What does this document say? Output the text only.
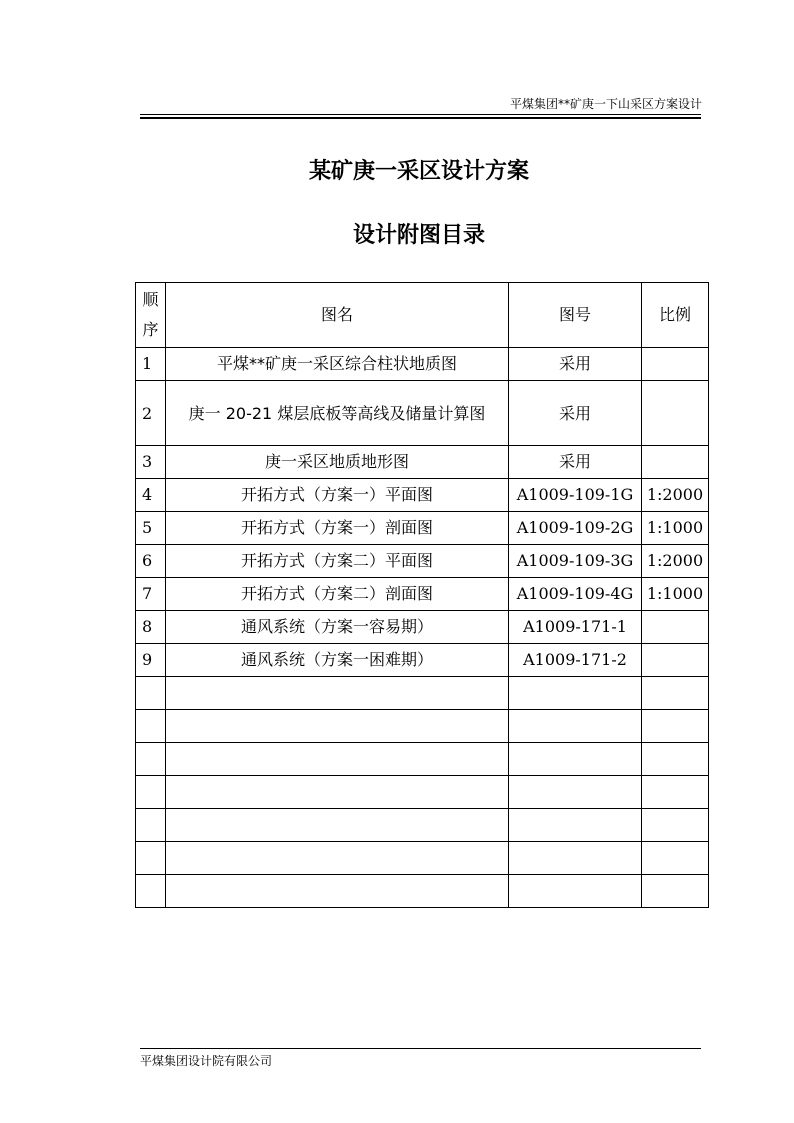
平煤集团**矿庚一下山采区方案设计
某矿庚一采区设计方案
设计附图目录
顺序	图名	图号	比例
1	平煤**矿庚一采区综合柱状地质图	采用	
2	庚一 20-21 煤层底板等高线及储量计算图	采用	
3	庚一采区地质地形图	采用	
4	开拓方式（方案一）平面图	A1009-109-1G	1:2000
5	开拓方式（方案一）剖面图	A1009-109-2G	1:1000
6	开拓方式（方案二）平面图	A1009-109-3G	1:2000
7	开拓方式（方案二）剖面图	A1009-109-4G	1:1000
8	通风系统（方案一容易期）	A1009-171-1	
9	通风系统（方案一困难期）	A1009-171-2	

平煤集团设计院有限公司
